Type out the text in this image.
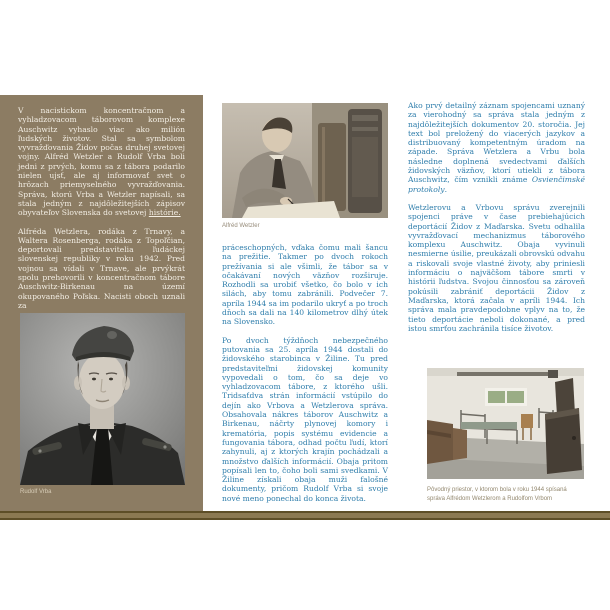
V nacistickom koncentračnom a vyhladzovacom táborovom komplexe Auschwitz vyhaslo viac ako milión ľudských životov. Stal sa symbolom vyvražďovania Židov počas druhej svetovej vojny. Alfréd Wetzler a Rudolf Vrba boli jedni z prvých, komu sa z tábora podarilo nielen ujsť, ale aj informovať svet o hrôzach priemyselného vyvražďovania. Správa, ktorú Vrba a Wetzler napísali, sa stala jedným z najdôležitejších zápisov obyvateľov Slovenska do svetovej histórie.

Alfréda Wetzlera, rodáka z Trnavy, a Waltera Rosenberga, rodáka z Topoľčian, deportovali predstavitelia ľudáckej slovenskej republiky v roku 1942. Pred vojnou sa vídali v Trnave, ale prvýkrát spolu prehovorili v koncentračnom tábore Auschwitz-Birkenau na území okupovaného Poľska. Nacisti oboch uznali za

Rudolf Vrba
Alfréd Wetzler

práceschopných, vďaka čomu mali šancu na prežitie. Takmer po dvoch rokoch prežívania si ale všimli, že tábor sa v očakávaní nových väzňov rozširuje. Rozhodli sa urobiť všetko, čo bolo v ich silách, aby tomu zabránili. Podvečer 7. apríla 1944 sa im podarilo ukryť a po troch dňoch sa dali na 140 kilometrov dlhý útek na Slovensko.

Po dvoch týždňoch nebezpečného putovania sa 25. apríla 1944 dostali do židovského starobinca v Žiline. Tu pred predstaviteľmi židovskej komunity vypovedali o tom, čo sa deje vo vyhladzovacom tábore, z ktorého ušli. Tridsaťdva strán informácií vstúpilo do dejín ako Vrbova a Wetzlerova správa. Obsahovala nákres táborov Auschwitz a Birkenau, náčrty plynovej komory i krematória, popis systému evidencie a fungovania tábora, odhad počtu ľudí, ktorí zahynuli, aj z ktorých krajín pochádzali a množstvo ďalších informácií. Obaja pritom popísali len to, čoho boli sami svedkami. V Žiline získali obaja muži falošné dokumenty, pričom Rudolf Vrba si svoje nové meno ponechal do konca života.

Ako prvý detailný záznam spojencami uznaný za vierohodný sa správa stala jedným z najdôležitejších dokumentov 20. storočia. Jej text bol preložený do viacerých jazykov a distribuovaný kompetentným úradom na západe. Správa Wetzlera a Vrbu bola následne doplnená svedectvami ďalších židovských väzňov, ktorí utiekli z tábora Auschwitz, čím vznikli známe Osvienčimské protokoly.

Wetzlerovu a Vrbovu správu zverejnili spojenci práve v čase prebiehajúcich deportácií Židov z Maďarska. Svetu odhalila vyvražďovací mechanizmus táborového komplexu Auschwitz. Obaja vyvinuli nesmierne úsilie, preukázali obrovskú odvahu a riskovali svoje vlastné životy, aby priniesli informáciu o najväčšom tábore smrti v histórii ľudstva. Svojou činnosťou sa zároveň pokúsili zabrániť deportácii Židov z Maďarska, ktorá začala v apríli 1944. Ich správa mala pravdepodobne vplyv na to, že tieto deportácie neboli dokonané, a pred istou smrťou zachránila tisíce životov.

Pôvodný priestor, v ktorom bola v roku 1944 spísaná správa Alfrédom Wetzlerom a Rudolfom Vrbom
